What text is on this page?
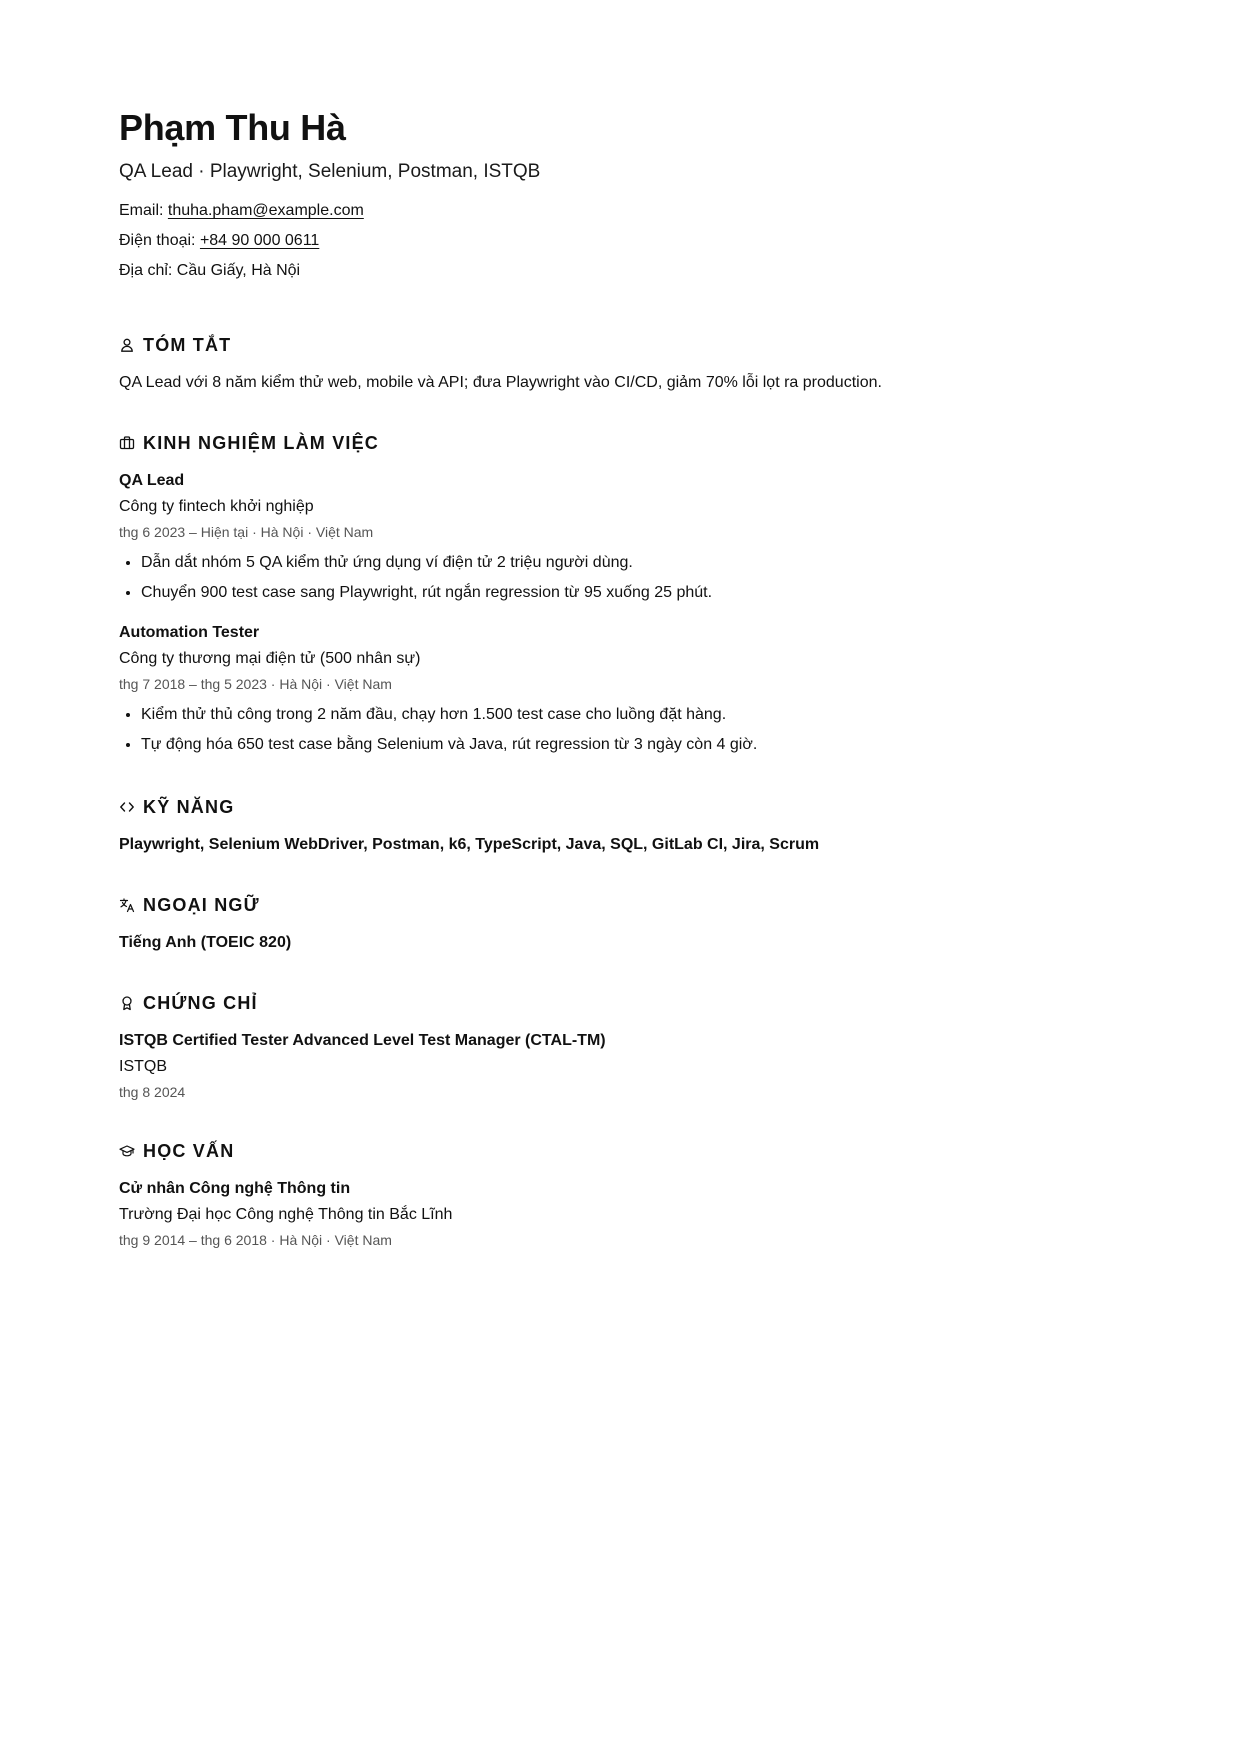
Phạm Thu Hà
QA Lead · Playwright, Selenium, Postman, ISTQB
Email: thuha.pham@example.com
Điện thoại: +84 90 000 0611
Địa chỉ: Cầu Giấy, Hà Nội
TÓM TẮT
QA Lead với 8 năm kiểm thử web, mobile và API; đưa Playwright vào CI/CD, giảm 70% lỗi lọt ra production.
KINH NGHIỆM LÀM VIỆC
QA Lead
Công ty fintech khởi nghiệp
thg 6 2023 – Hiện tại · Hà Nội · Việt Nam
• Dẫn dắt nhóm 5 QA kiểm thử ứng dụng ví điện tử 2 triệu người dùng.
• Chuyển 900 test case sang Playwright, rút ngắn regression từ 95 xuống 25 phút.
Automation Tester
Công ty thương mại điện tử (500 nhân sự)
thg 7 2018 – thg 5 2023 · Hà Nội · Việt Nam
• Kiểm thử thủ công trong 2 năm đầu, chạy hơn 1.500 test case cho luồng đặt hàng.
• Tự động hóa 650 test case bằng Selenium và Java, rút regression từ 3 ngày còn 4 giờ.
KỸ NĂNG
Playwright, Selenium WebDriver, Postman, k6, TypeScript, Java, SQL, GitLab CI, Jira, Scrum
NGOẠI NGỮ
Tiếng Anh (TOEIC 820)
CHỨNG CHỈ
ISTQB Certified Tester Advanced Level Test Manager (CTAL-TM)
ISTQB
thg 8 2024
HỌC VẤN
Cử nhân Công nghệ Thông tin
Trường Đại học Công nghệ Thông tin Bắc Lĩnh
thg 9 2014 – thg 6 2018 · Hà Nội · Việt Nam
